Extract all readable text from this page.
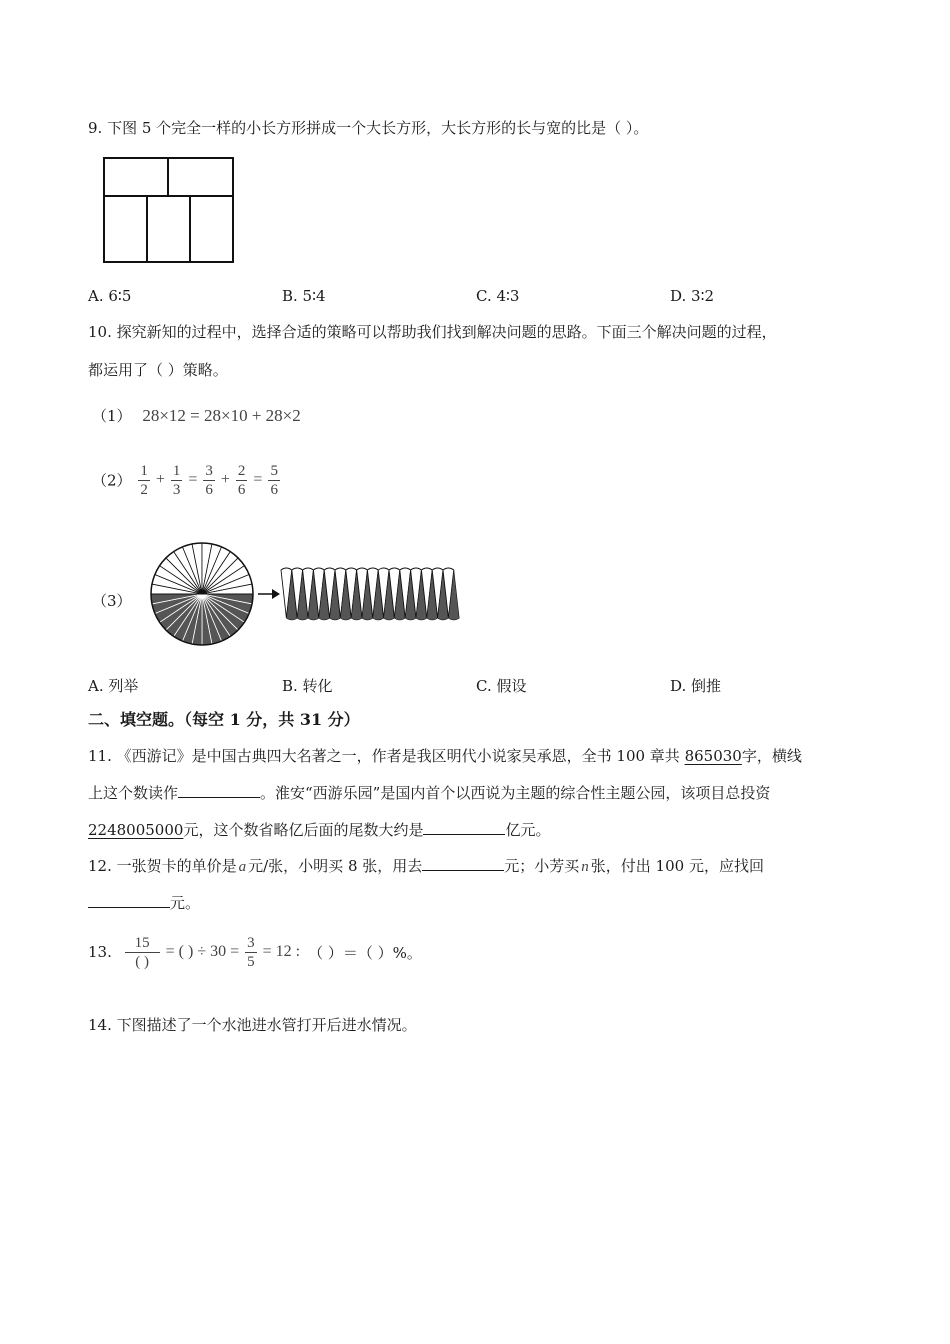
9. 下图 5 个完全一样的小长方形拼成一个大长方形，大长方形的长与宽的比是（ ）。
A. 6∶5	B. 5∶4	C. 4∶3	D. 3∶2
10. 探究新知的过程中，选择合适的策略可以帮助我们找到解决问题的思路。下面三个解决问题的过程，
都运用了（ ）策略。
（1） 28×12 = 28×10 + 28×2
$(2) \frac{1}{2} + \frac{1}{3} = \frac{3}{6} + \frac{2}{6} = \frac{5}{6}$
（3）
A. 列举	B. 转化	C. 假设	D. 倒推
二、填空题。（每空 1 分，共 31 分）
11. 《西游记》是中国古典四大名著之一，作者是我区明代小说家吴承恩，全书 100 章共 865030字，横线
上这个数读作	。淮安“西游乐园”是国内首个以西说为主题的综合性主题公园，该项目总投资
2248005000元，这个数省略亿后面的尾数大约是	亿元。
12. 一张贺卡的单价是 a 元/张，小明买 8 张，用去	元；小芳买 n 张，付出 100 元，应找回
元。
13. $\frac{15}{( )}$ = ( ) ÷ $30 = \frac{3}{5} = 12$ : （ ）＝（ ）%。
14. 下图描述了一个水池进水管打开后进水情况。
